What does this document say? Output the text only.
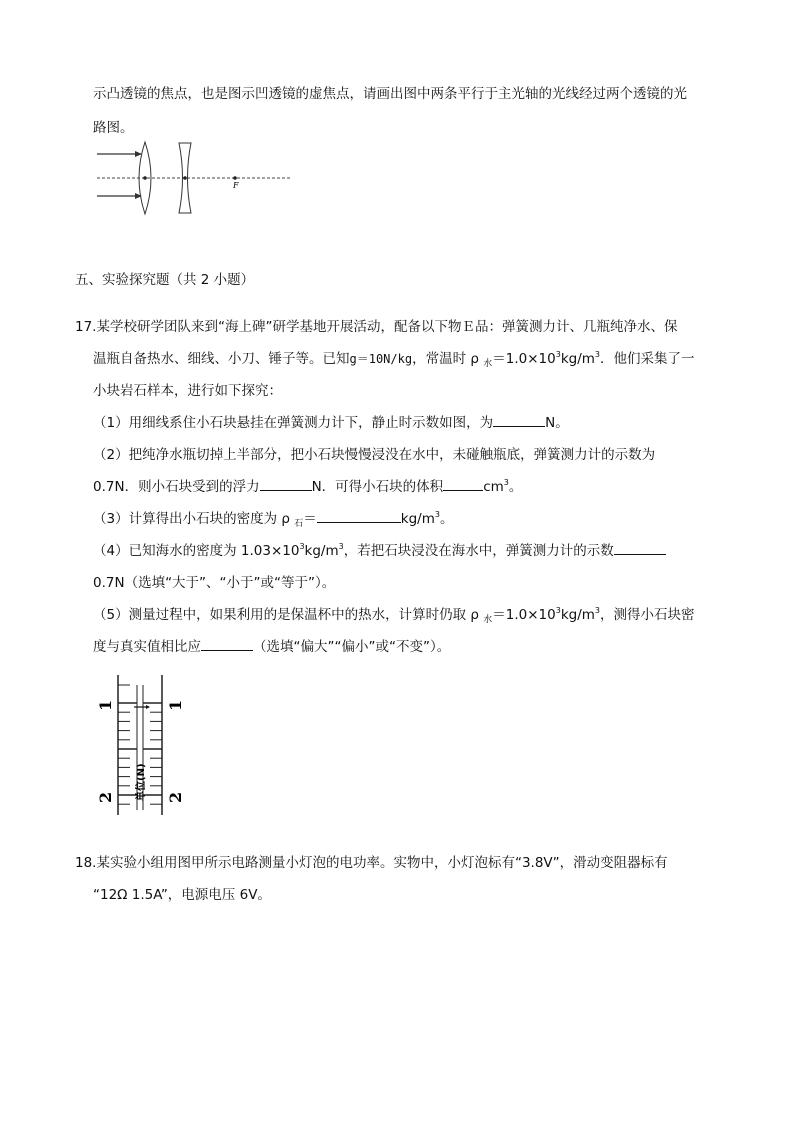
示凸透镜的焦点，也是图示凹透镜的虚焦点，请画出图中两条平行于主光轴的光线经过两个透镜的光
路图。
F
五、实验探究题（共 2 小题）
17.某学校研学团队来到“海上碑”研学基地开展活动，配备以下物Ｅ品：弹簧测力计、几瓶纯净水、保
温瓶自备热水、细线、小刀、锤子等。已知g＝10N/kg，常温时 ρ $_水=1.0\times 10^3kg/m^3$．他们采集了一
小块岩石样本，进行如下探究：
（1）用细线系住小石块悬挂在弹簧测力计下，静止时示数如图，为	N。
（2）把纯净水瓶切掉上半部分，把小石块慢慢浸没在水中，未碰触瓶底，弹簧测力计的示数为
0.7N．则小石块受到的浮力	N．可得小石块的体积	$cm^3$。
（3）计算得出小石块的密度为 ρ $_石$＝	$kg/m^3$。
（4）已知海水的密度为 $1.03\times 10^3kg/m^3$，若把石块浸没在海水中，弹簧测力计的示数
0.7N（选填“大于”、“小于”或“等于”）。
（5）测量过程中，如果利用的是保温杯中的热水，计算时仍取 ρ $_水=1.0\times 10^3kg/m^3$，测得小石块密
度与真实值相比应	（选填“偏大”“偏小”或“不变”）。
1	1
2	2
单位(N)
18.某实验小组用图甲所示电路测量小灯泡的电功率。实物中，小灯泡标有“3.8V”，滑动变阻器标有
“12Ω 1.5A”，电源电压 6V。
